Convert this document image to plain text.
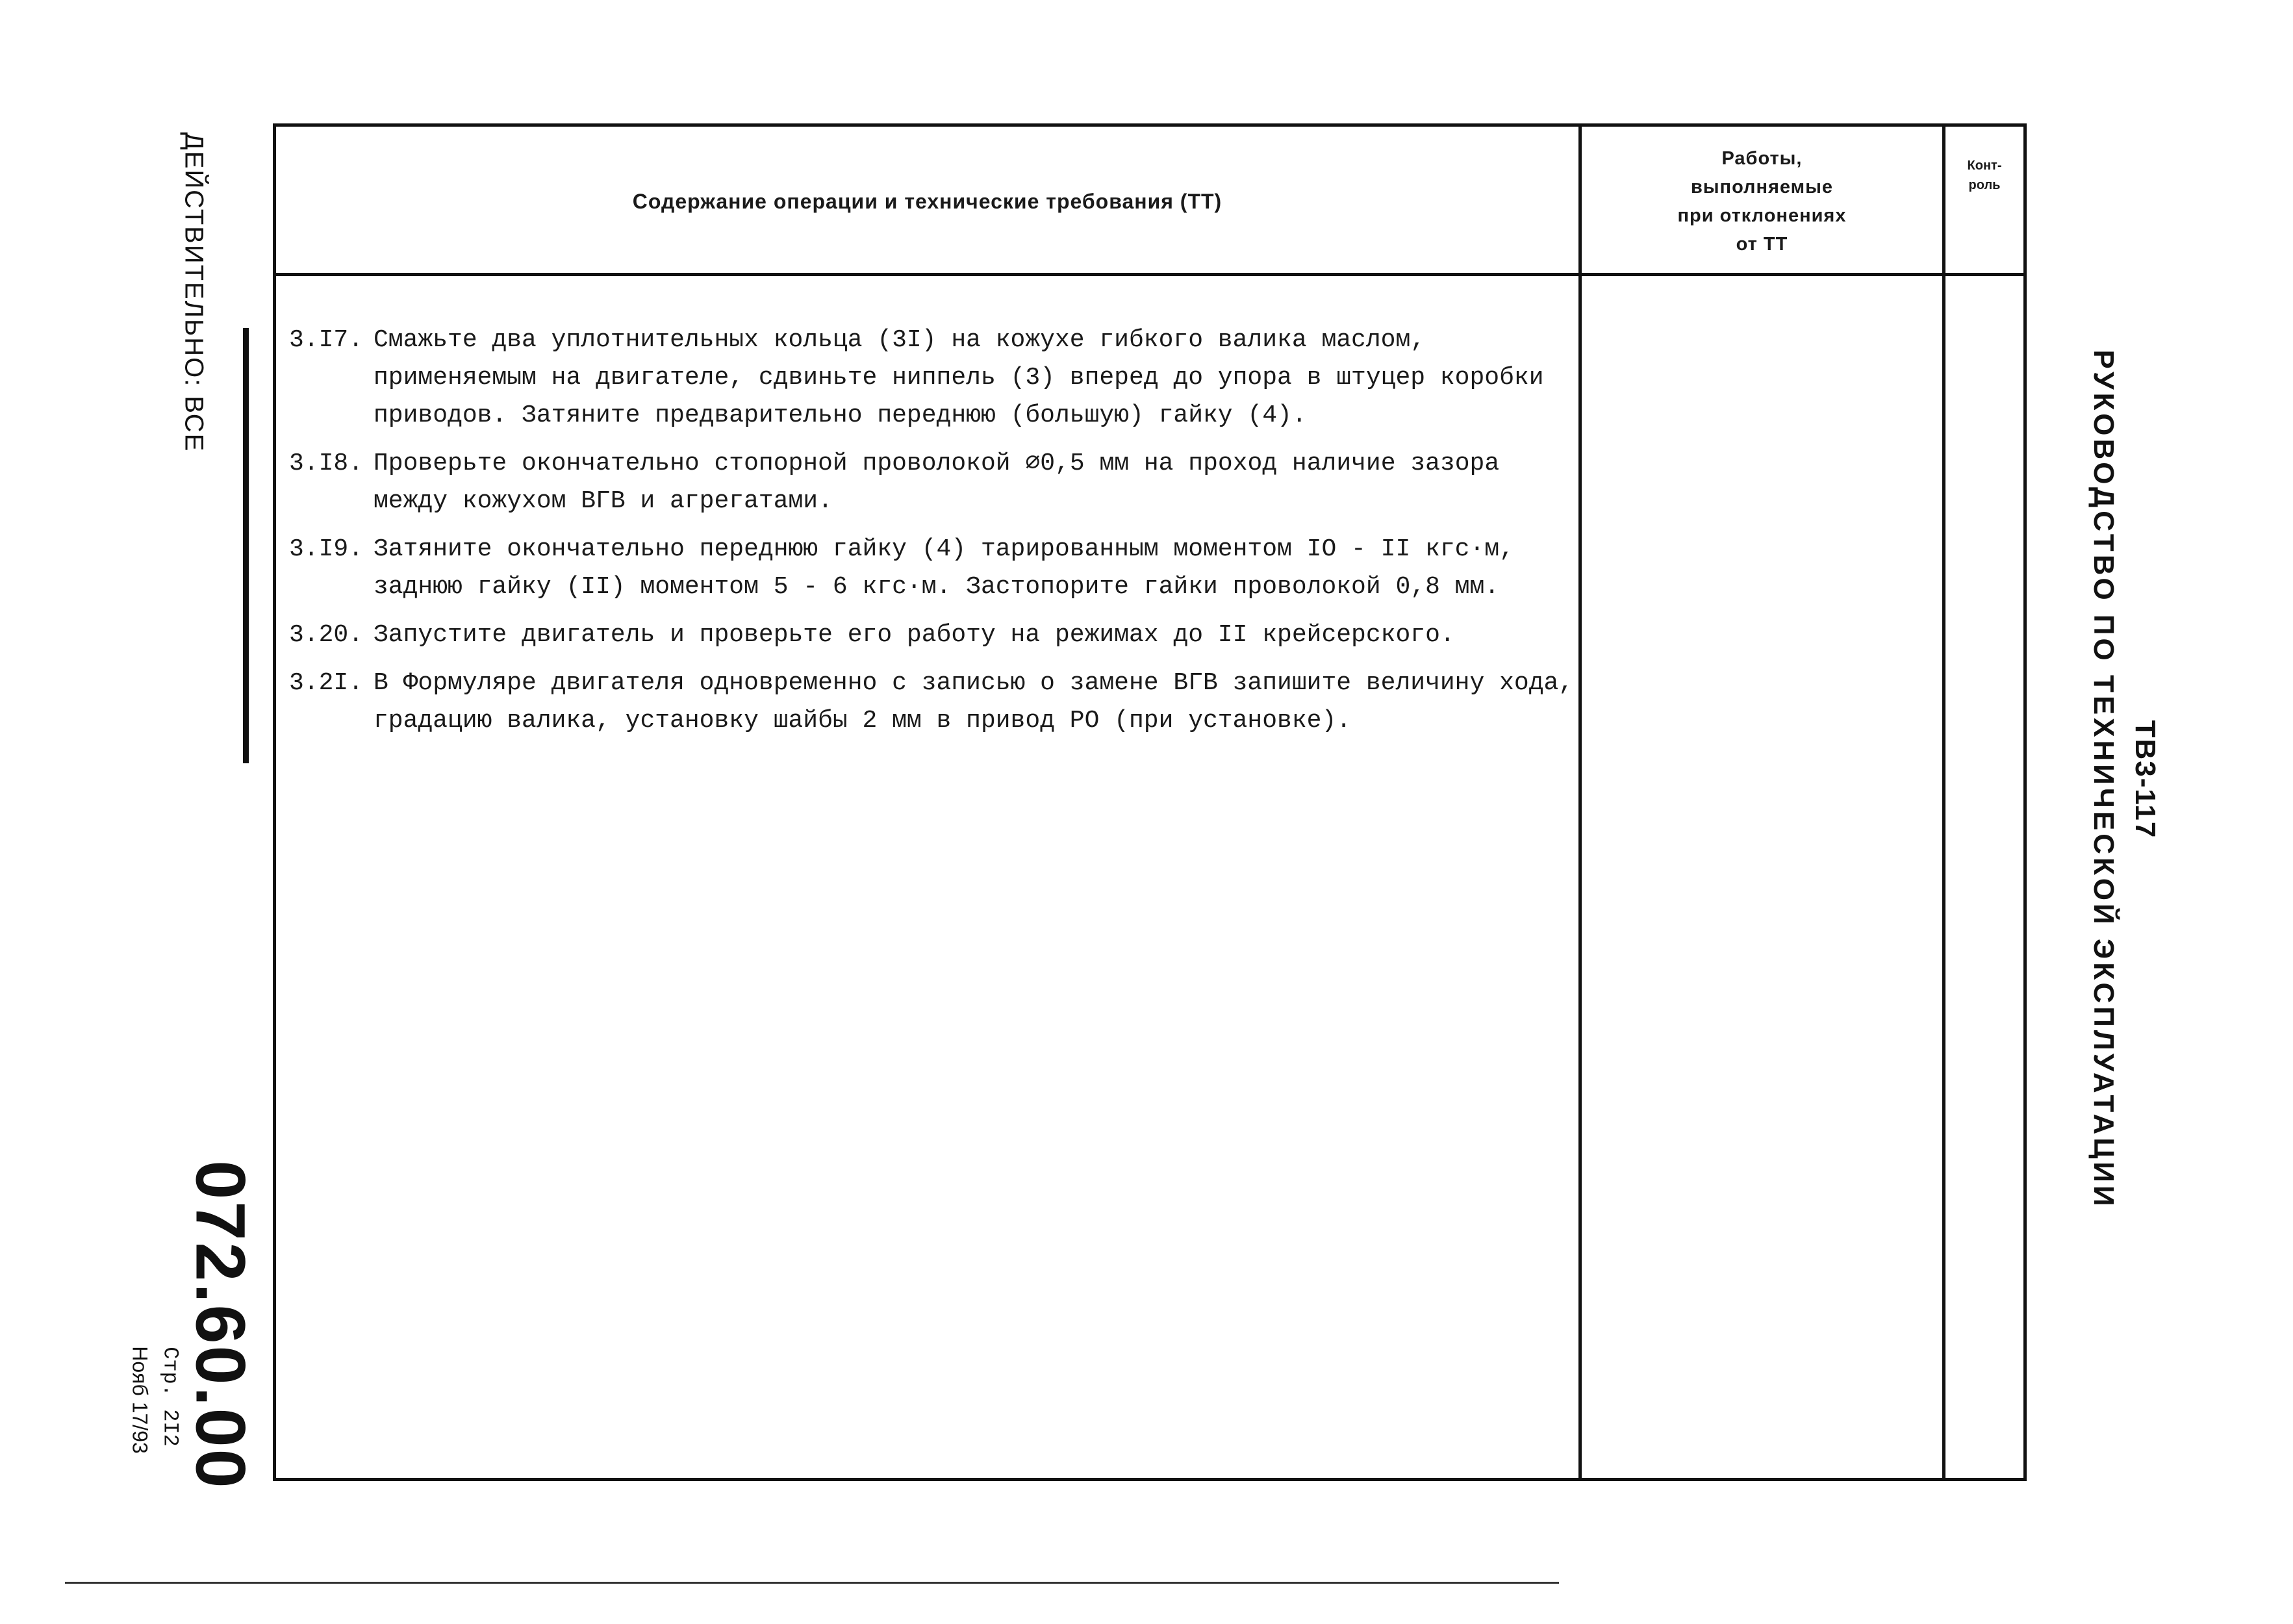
ДЕЙСТВИТЕЛЬНО: ВСЕ
072.60.00
Стр. 2I2
Нояб 17/93
Содержание операции и технические требования (ТТ)
Работы,
выполняемые
при отклонениях
от ТТ
Конт-
роль
3.I7. Смажьте два уплотнительных кольца (3I) на кожухе гибкого валика маслом, применяемым на двигателе, сдвиньте ниппель (3) вперед до упора в штуцер коробки приводов. Затяните предварительно переднюю (большую) гайку (4).
3.I8. Проверьте окончательно стопорной проволокой ⌀0,5 мм на проход наличие зазора между кожухом ВГВ и агрегатами.
3.I9. Затяните окончательно переднюю гайку (4) тарированным моментом IO - II кгс·м, заднюю гайку (II) моментом 5 - 6 кгс·м. Застопорите гайки проволокой 0,8 мм.
3.20. Запустите двигатель и проверьте его работу на режимах до II крейсерского.
3.2I. В Формуляре двигателя одновременно с записью о замене ВГВ запишите величину хода, градацию валика, установку шайбы 2 мм в привод РО (при установке).	ТВ3-117
РУКОВОДСТВО ПО ТЕХНИЧЕСКОЙ ЭКСПЛУАТАЦИИ
